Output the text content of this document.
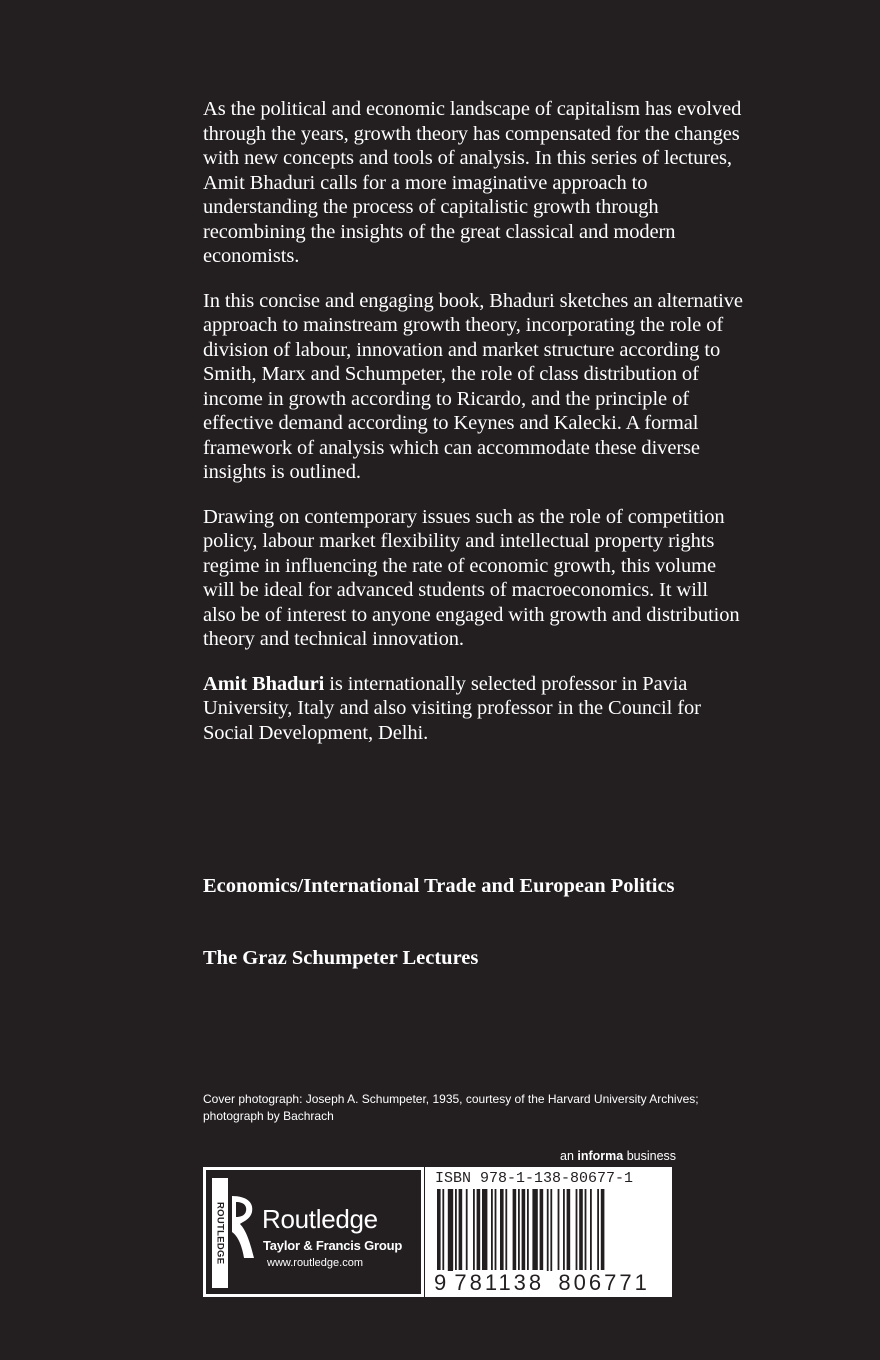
As the political and economic landscape of capitalism has evolved through the years, growth theory has compensated for the changes with new concepts and tools of analysis. In this series of lectures, Amit Bhaduri calls for a more imaginative approach to understanding the process of capitalistic growth through recombining the insights of the great classical and modern economists.

In this concise and engaging book, Bhaduri sketches an alternative approach to mainstream growth theory, incorporating the role of division of labour, innovation and market structure according to Smith, Marx and Schumpeter, the role of class distribution of income in growth according to Ricardo, and the principle of effective demand according to Keynes and Kalecki. A formal framework of analysis which can accommodate these diverse insights is outlined.

Drawing on contemporary issues such as the role of competition policy, labour market flexibility and intellectual property rights regime in influencing the rate of economic growth, this volume will be ideal for advanced students of macroeconomics. It will also be of interest to anyone engaged with growth and distribution theory and technical innovation.

Amit Bhaduri is internationally selected professor in Pavia University, Italy and also visiting professor in the Council for Social Development, Delhi.

Economics/International Trade and European Politics

The Graz Schumpeter Lectures

Cover photograph: Joseph A. Schumpeter, 1935, courtesy of the Harvard University Archives; photograph by Bachrach
an informa business
ROUTLEDGE Routledge
Taylor & Francis Group
www.routledge.com
ISBN 978-1-138-80677-1
9 781138 806771
